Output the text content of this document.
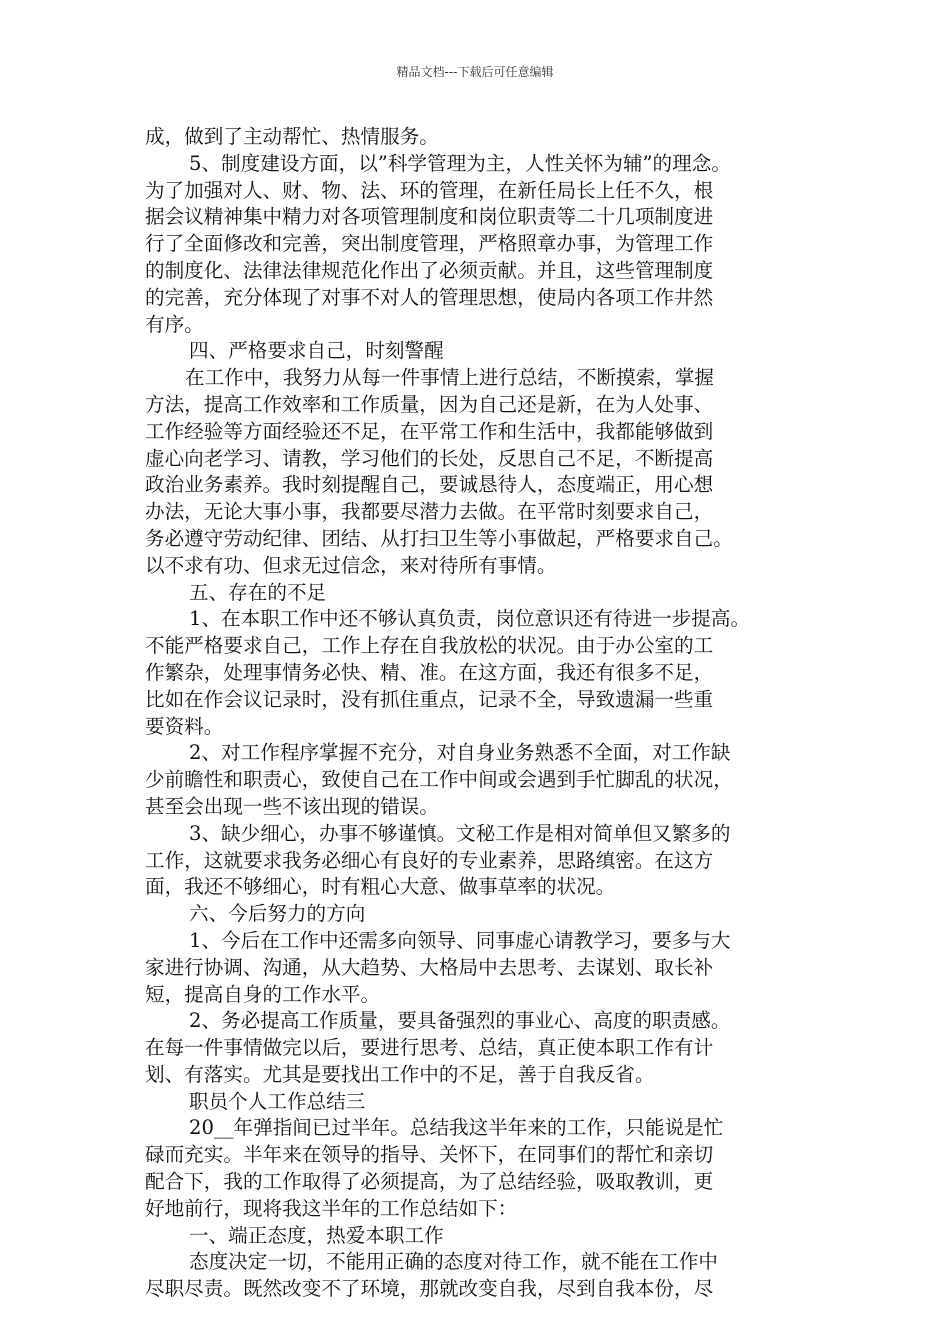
精品文档---下载后可任意编辑
成，做到了主动帮忙、热情服务。
5、制度建设方面，以”科学管理为主，人性关怀为辅”的理念。
为了加强对人、财、物、法、环的管理，在新任局长上任不久，根
据会议精神集中精力对各项管理制度和岗位职责等二十几项制度进
行了全面修改和完善，突出制度管理，严格照章办事，为管理工作
的制度化、法律法律规范化作出了必须贡献。并且，这些管理制度
的完善，充分体现了对事不对人的管理思想，使局内各项工作井然
有序。
四、严格要求自己，时刻警醒
在工作中，我努力从每一件事情上进行总结，不断摸索，掌握
方法，提高工作效率和工作质量，因为自己还是新，在为人处事、
工作经验等方面经验还不足，在平常工作和生活中，我都能够做到
虚心向老学习、请教，学习他们的长处，反思自己不足，不断提高
政治业务素养。我时刻提醒自己，要诚恳待人，态度端正，用心想
办法，无论大事小事，我都要尽潜力去做。在平常时刻要求自己，
务必遵守劳动纪律、团结、从打扫卫生等小事做起，严格要求自己。
以不求有功、但求无过信念，来对待所有事情。
五、存在的不足
1、在本职工作中还不够认真负责，岗位意识还有待进一步提高。
不能严格要求自己，工作上存在自我放松的状况。由于办公室的工
作繁杂，处理事情务必快、精、准。在这方面，我还有很多不足，
比如在作会议记录时，没有抓住重点，记录不全，导致遗漏一些重
要资料。
2、对工作程序掌握不充分，对自身业务熟悉不全面，对工作缺
少前瞻性和职责心，致使自己在工作中间或会遇到手忙脚乱的状况，
甚至会出现一些不该出现的错误。
3、缺少细心，办事不够谨慎。文秘工作是相对简单但又繁多的
工作，这就要求我务必细心有良好的专业素养，思路缜密。在这方
面，我还不够细心，时有粗心大意、做事草率的状况。
六、今后努力的方向
1、今后在工作中还需多向领导、同事虚心请教学习，要多与大
家进行协调、沟通，从大趋势、大格局中去思考、去谋划、取长补
短，提高自身的工作水平。
2、务必提高工作质量，要具备强烈的事业心、高度的职责感。
在每一件事情做完以后，要进行思考、总结，真正使本职工作有计
划、有落实。尤其是要找出工作中的不足，善于自我反省。
职员个人工作总结三
20__年弹指间已过半年。总结我这半年来的工作，只能说是忙
碌而充实。半年来在领导的指导、关怀下，在同事们的帮忙和亲切
配合下，我的工作取得了必须提高，为了总结经验，吸取教训，更
好地前行，现将我这半年的工作总结如下：
一、端正态度，热爱本职工作
态度决定一切，不能用正确的态度对待工作，就不能在工作中
尽职尽责。既然改变不了环境，那就改变自我，尽到自我本份，尽
